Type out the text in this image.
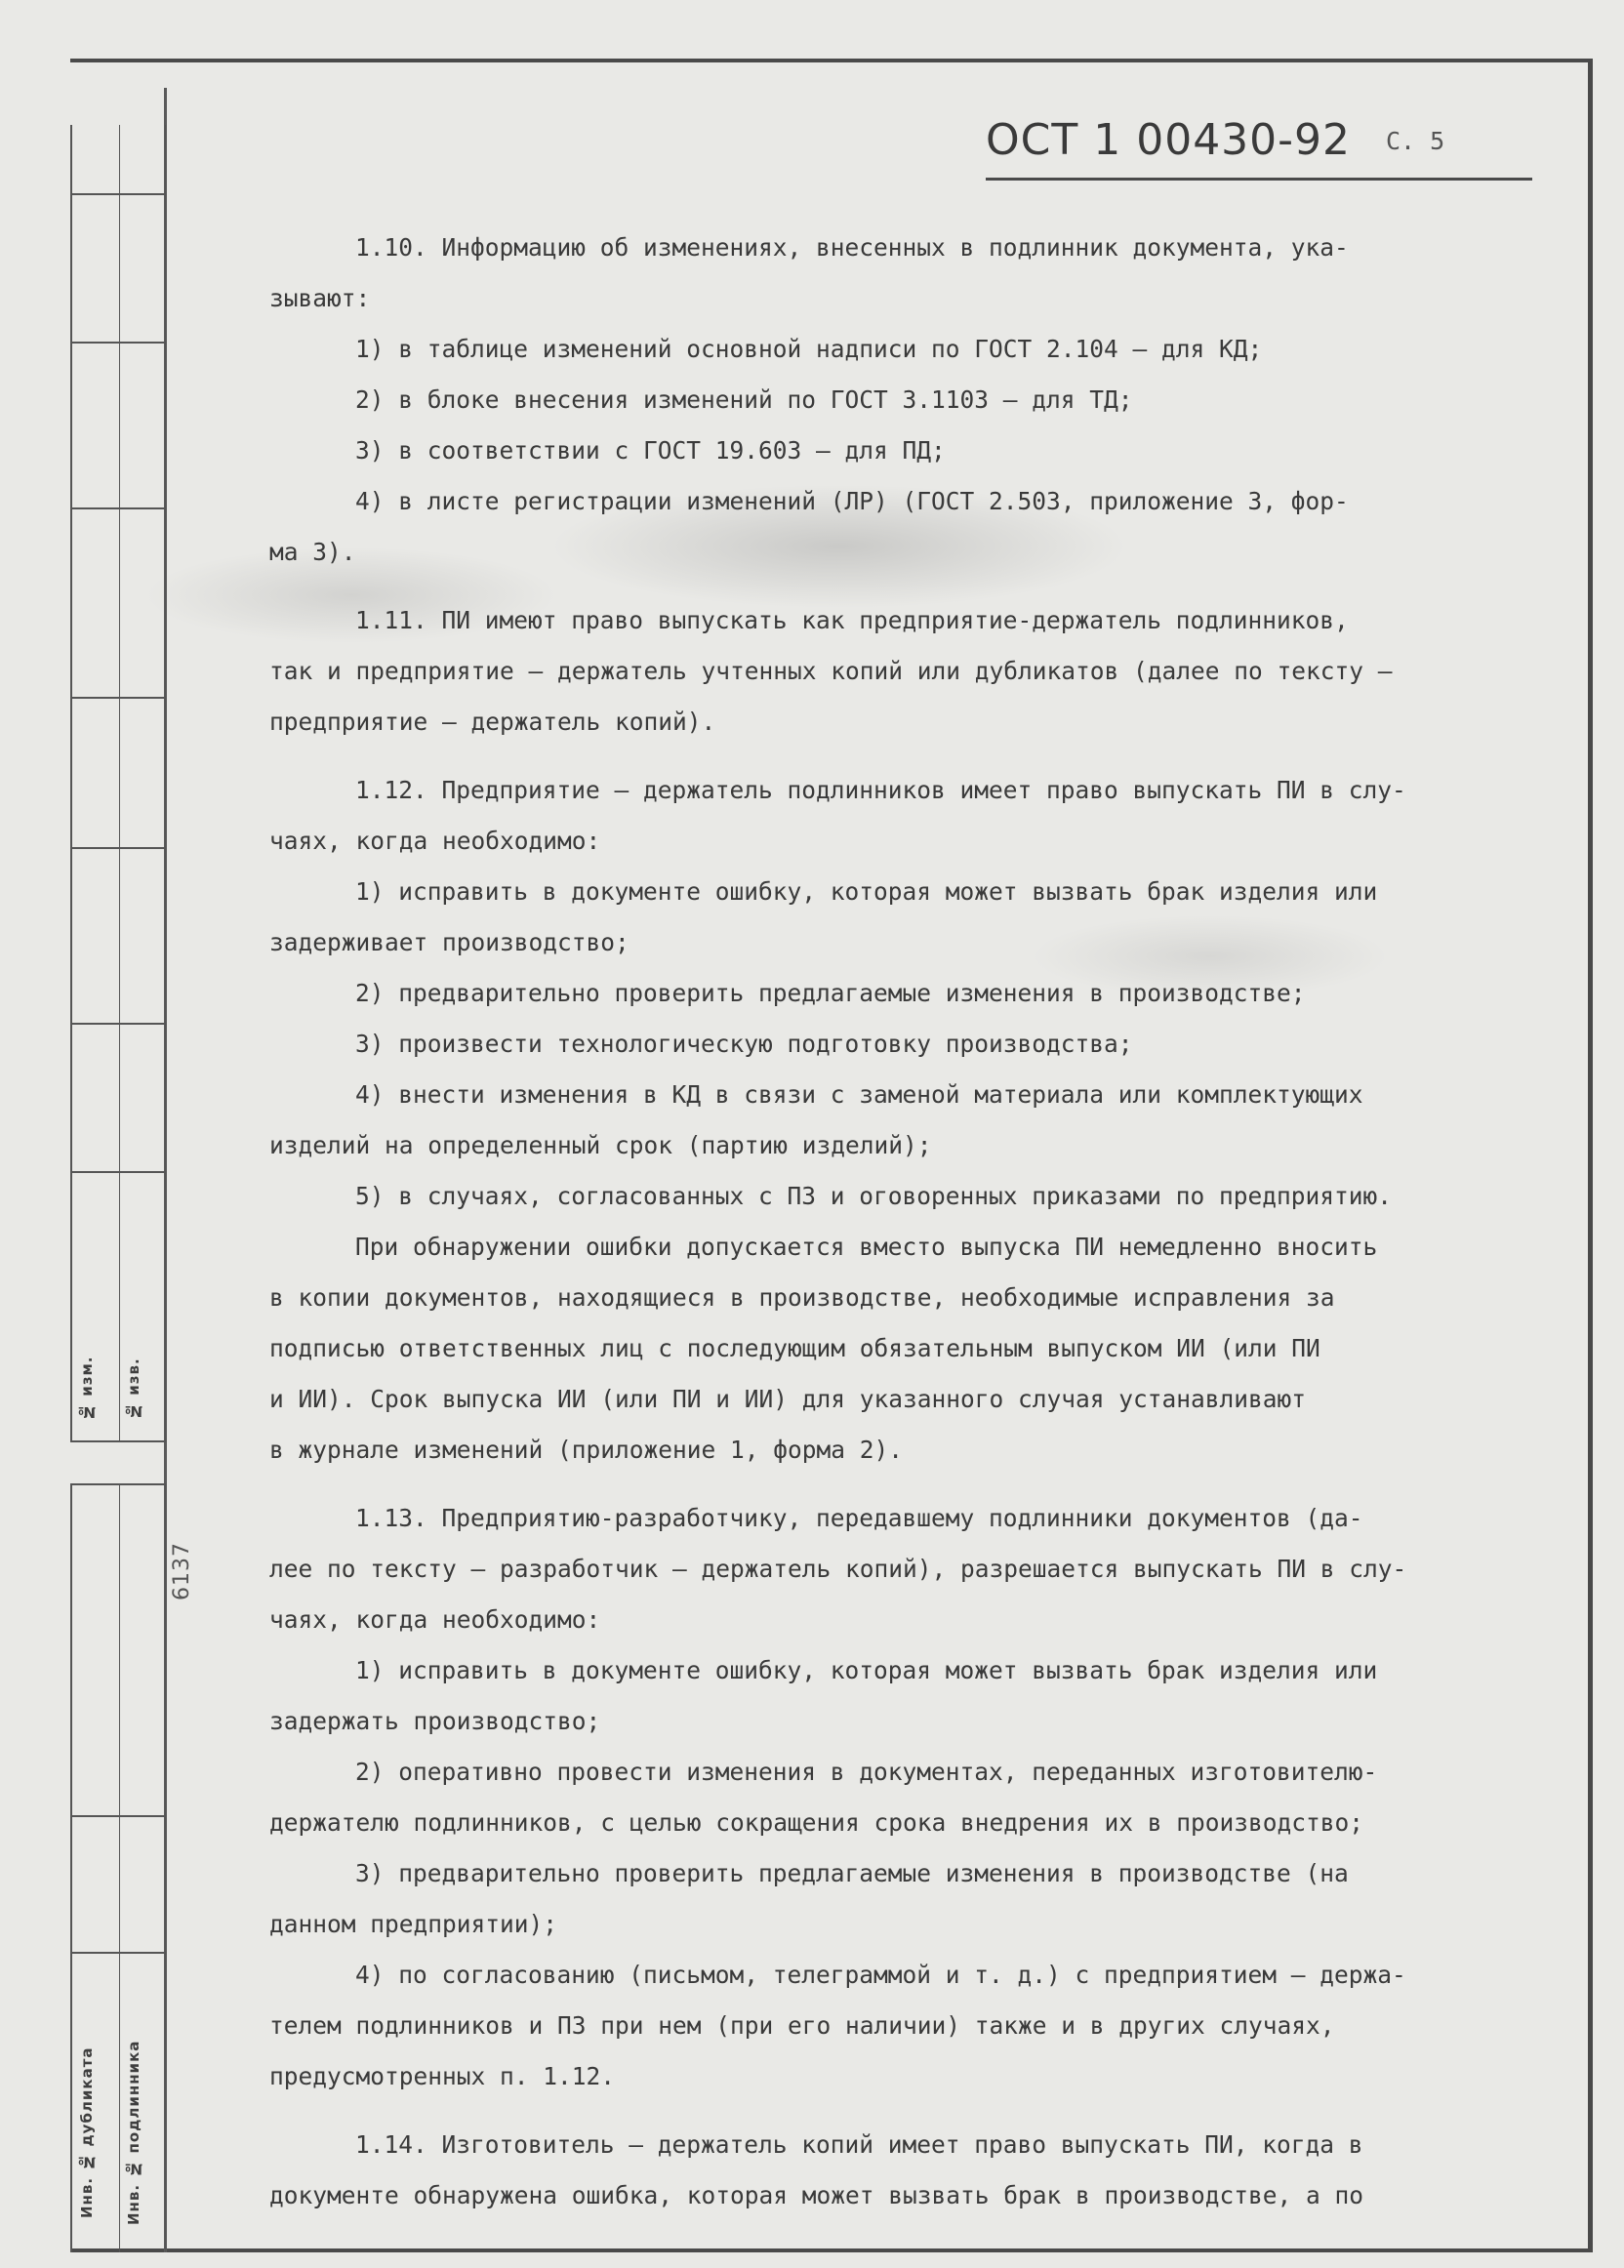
№ изм.	№ изв.
6137
Инв. № дубликата	Инв. № подлинника
ОСТ 1 00430-92 С. 5
1.10. Информацию об изменениях, внесенных в подлинник документа, ука-
зывают:
1) в таблице изменений основной надписи по ГОСТ 2.104 – для КД;
2) в блоке внесения изменений по ГОСТ 3.1103 – для ТД;
3) в соответствии с ГОСТ 19.603 – для ПД;
4) в листе регистрации изменений (ЛР) (ГОСТ 2.503, приложение 3, фор-
ма 3).
1.11. ПИ имеют право выпускать как предприятие-держатель подлинников,
так и предприятие – держатель учтенных копий или дубликатов (далее по тексту –
предприятие – держатель копий).
1.12. Предприятие – держатель подлинников имеет право выпускать ПИ в слу-
чаях, когда необходимо:
1) исправить в документе ошибку, которая может вызвать брак изделия или
задерживает производство;
2) предварительно проверить предлагаемые изменения в производстве;
3) произвести технологическую подготовку производства;
4) внести изменения в КД в связи с заменой материала или комплектующих
изделий на определенный срок (партию изделий);
5) в случаях, согласованных с ПЗ и оговоренных приказами по предприятию.
При обнаружении ошибки допускается вместо выпуска ПИ немедленно вносить
в копии документов, находящиеся в производстве, необходимые исправления за
подписью ответственных лиц с последующим обязательным выпуском ИИ (или ПИ
и ИИ). Срок выпуска ИИ (или ПИ и ИИ) для указанного случая устанавливают
в журнале изменений (приложение 1, форма 2).
1.13. Предприятию-разработчику, передавшему подлинники документов (да-
лее по тексту – разработчик – держатель копий), разрешается выпускать ПИ в слу-
чаях, когда необходимо:
1) исправить в документе ошибку, которая может вызвать брак изделия или
задержать производство;
2) оперативно провести изменения в документах, переданных изготовителю-
держателю подлинников, с целью сокращения срока внедрения их в производство;
3) предварительно проверить предлагаемые изменения в производстве (на
данном предприятии);
4) по согласованию (письмом, телеграммой и т. д.) с предприятием – держа-
телем подлинников и ПЗ при нем (при его наличии) также и в других случаях,
предусмотренных п. 1.12.
1.14. Изготовитель – держатель копий имеет право выпускать ПИ, когда в
документе обнаружена ошибка, которая может вызвать брак в производстве, а по
